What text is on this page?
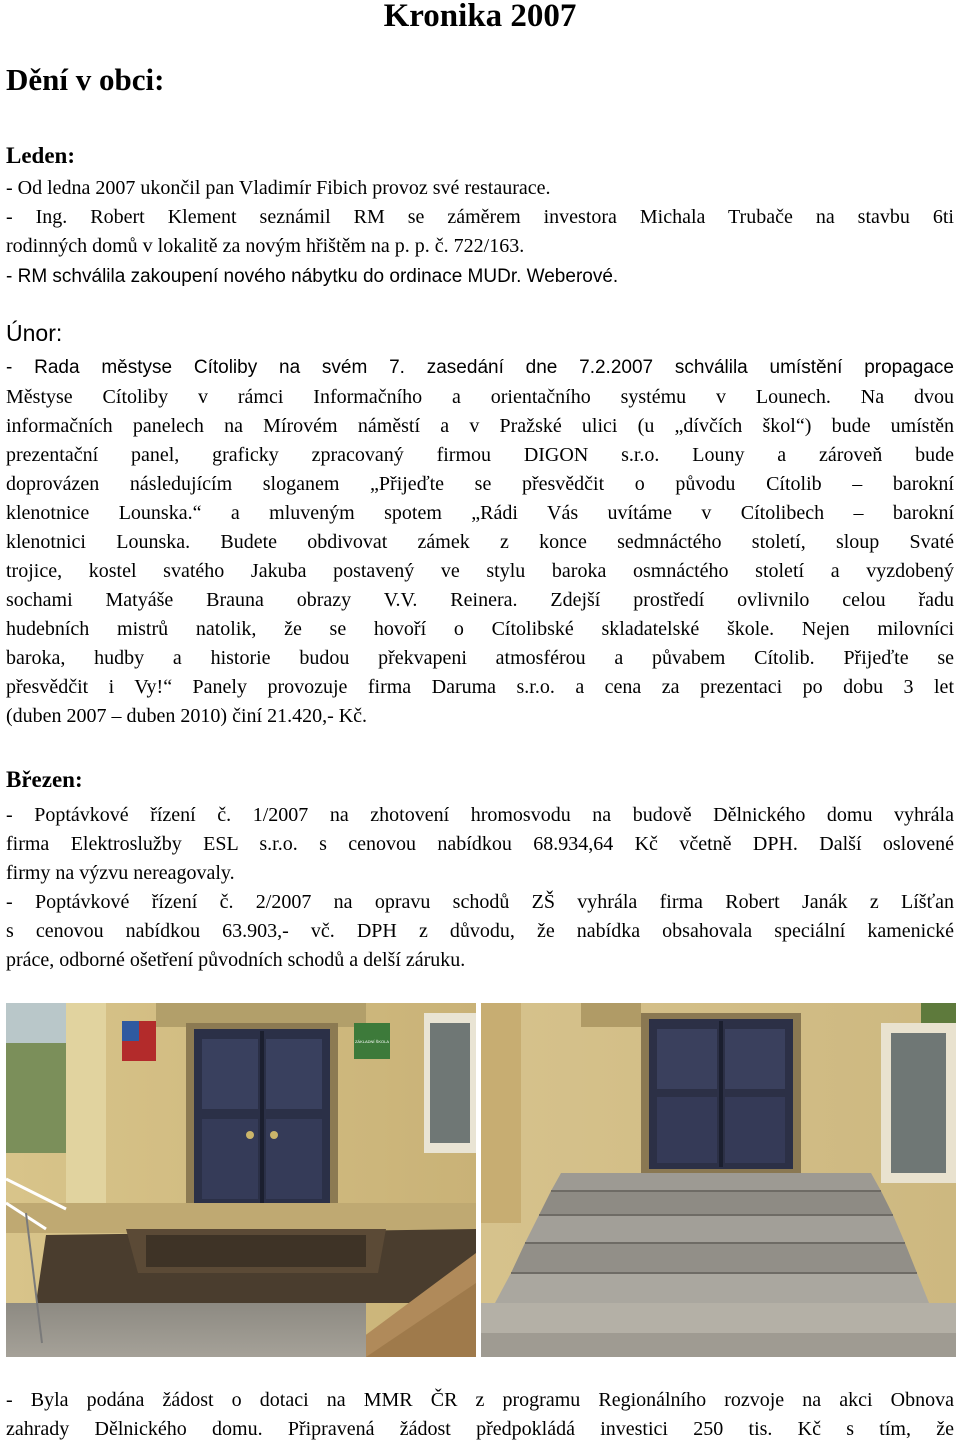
Kronika 2007
Dění v obci:
Leden:
- Od ledna 2007 ukončil pan Vladimír Fibich provoz své restaurace.
- Ing. Robert Klement seznámil RM se záměrem investora Michala Trubače na stavbu 6ti
rodinných domů v lokalitě za novým hřištěm na p. p. č. 722/163.
- RM schválila zakoupení nového nábytku do ordinace MUDr. Weberové.
Únor:
- Rada městyse Cítoliby na svém 7. zasedání dne 7.2.2007 schválila umístění propagace
Městyse Cítoliby v rámci Informačního a orientačního systému v Lounech. Na dvou
informačních panelech na Mírovém náměstí a v Pražské ulici (u „dívčích škol“) bude umístěn
prezentační panel, graficky zpracovaný firmou DIGON s.r.o. Louny a zároveň bude
doprovázen následujícím sloganem „Přijeďte se přesvědčit o původu Cítolib – barokní
klenotnice Lounska.“ a mluveným spotem „Rádi Vás uvítáme v Cítolibech – barokní
klenotnici Lounska. Budete obdivovat zámek z konce sedmnáctého století, sloup Svaté
trojice, kostel svatého Jakuba postavený ve stylu baroka osmnáctého století a vyzdobený
sochami Matyáše Brauna obrazy V.V. Reinera. Zdejší prostředí ovlivnilo celou řadu
hudebních mistrů natolik, že se hovoří o Cítolibské skladatelské škole. Nejen milovníci
baroka, hudby a historie budou překvapeni atmosférou a půvabem Cítolib. Přijeďte se
přesvědčit i Vy!“ Panely provozuje firma Daruma s.r.o. a cena za prezentaci po dobu 3 let
(duben 2007 – duben 2010) činí 21.420,- Kč.
Březen:
- Poptávkové řízení č. 1/2007 na zhotovení hromosvodu na budově Dělnického domu vyhrála
firma Elektroslužby ESL s.r.o. s cenovou nabídkou 68.934,64 Kč včetně DPH. Další oslovené
firmy na výzvu nereagovaly.
- Poptávkové řízení č. 2/2007 na opravu schodů ZŠ vyhrála firma Robert Janák z Líšťan
s cenovou nabídkou 63.903,- vč. DPH z důvodu, že nabídka obsahovala speciální kamenické
práce, odborné ošetření původních schodů a delší záruku.
ZÁKLADNÍ ŠKOLA
- Byla podána žádost o dotaci na MMR ČR z programu Regionálního rozvoje na akci Obnova
zahrady Dělnického domu. Připravená žádost předpokládá investici 250 tis. Kč s tím, že
